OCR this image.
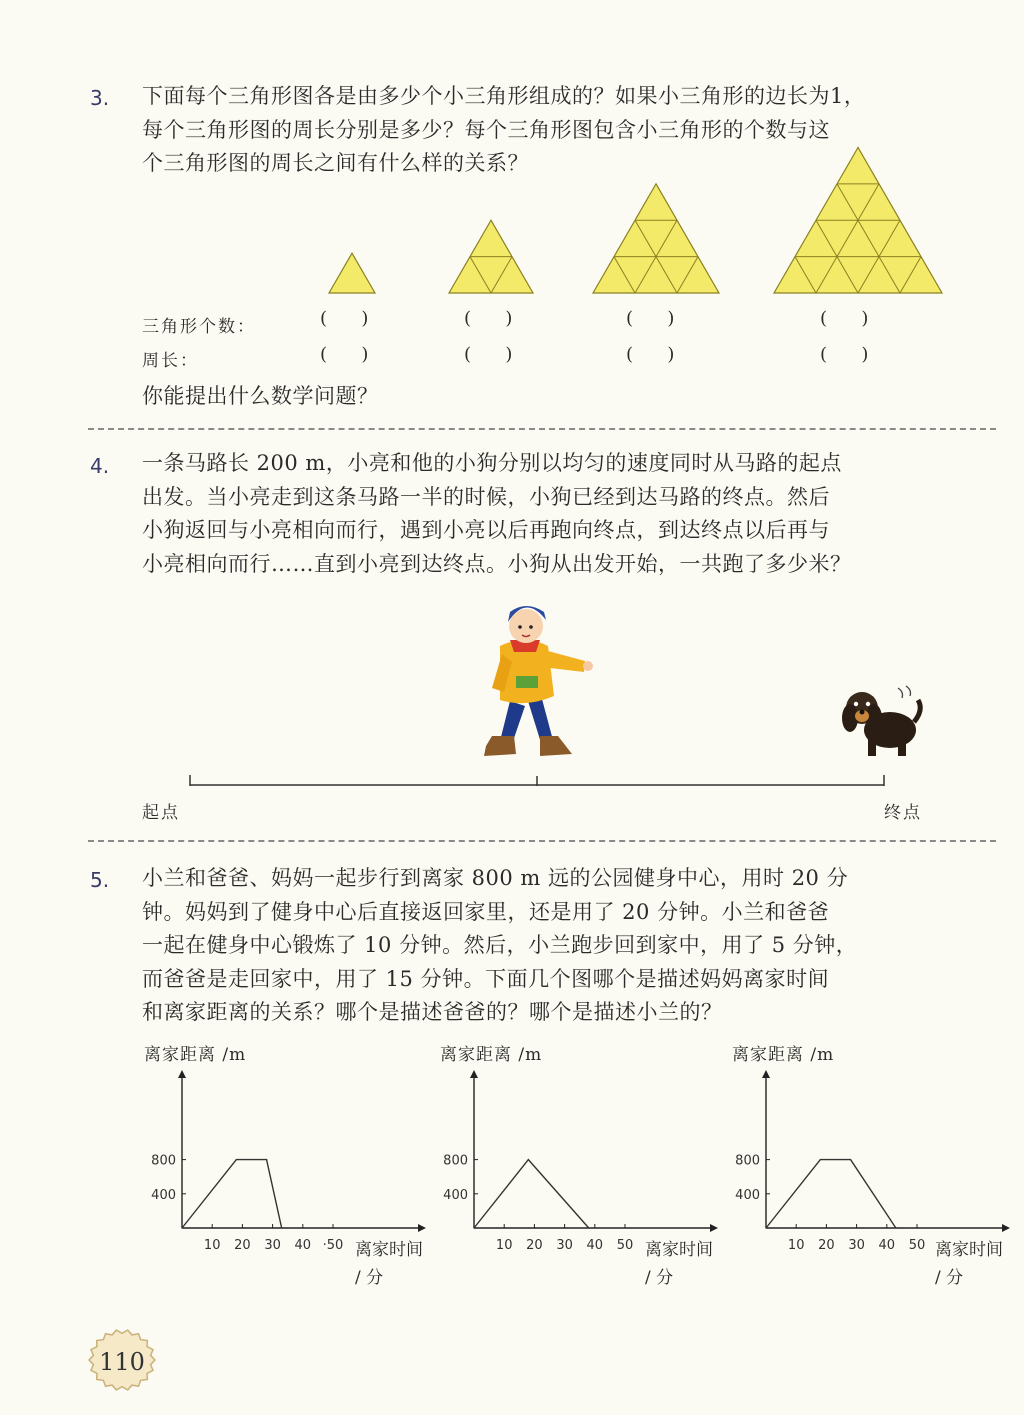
3. 下面每个三角形图各是由多少个小三角形组成的？如果小三角形的边长为1，
每个三角形图的周长分别是多少？每个三角形图包含小三角形的个数与这
个三角形图的周长之间有什么样的关系？
三角形个数：
周长：
(      )	(      )	(      )	(      )
(      )	(      )	(      )	(      )
你能提出什么数学问题？
4. 一条马路长 200 m，小亮和他的小狗分别以均匀的速度同时从马路的起点
出发。当小亮走到这条马路一半的时候，小狗已经到达马路的终点。然后
小狗返回与小亮相向而行，遇到小亮以后再跑向终点，到达终点以后再与
小亮相向而行……直到小亮到达终点。小狗从出发开始，一共跑了多少米？
起点	终点
5. 小兰和爸爸、妈妈一起步行到离家 800 m 远的公园健身中心，用时 20 分
钟。妈妈到了健身中心后直接返回家里，还是用了 20 分钟。小兰和爸爸
一起在健身中心锻炼了 10 分钟。然后，小兰跑步回到家中，用了 5 分钟，
而爸爸是走回家中，用了 15 分钟。下面几个图哪个是描述妈妈离家时间
和离家距离的关系？哪个是描述爸爸的？哪个是描述小兰的？
离家距离 /m
10 20 30 40 ·50
400
800
离家时间 / 分
离家距离 /m
10 20 30 40 50
400
800
离家时间 / 分
离家距离 /m
10 20 30 40 50
400
800
离家时间 / 分
110
